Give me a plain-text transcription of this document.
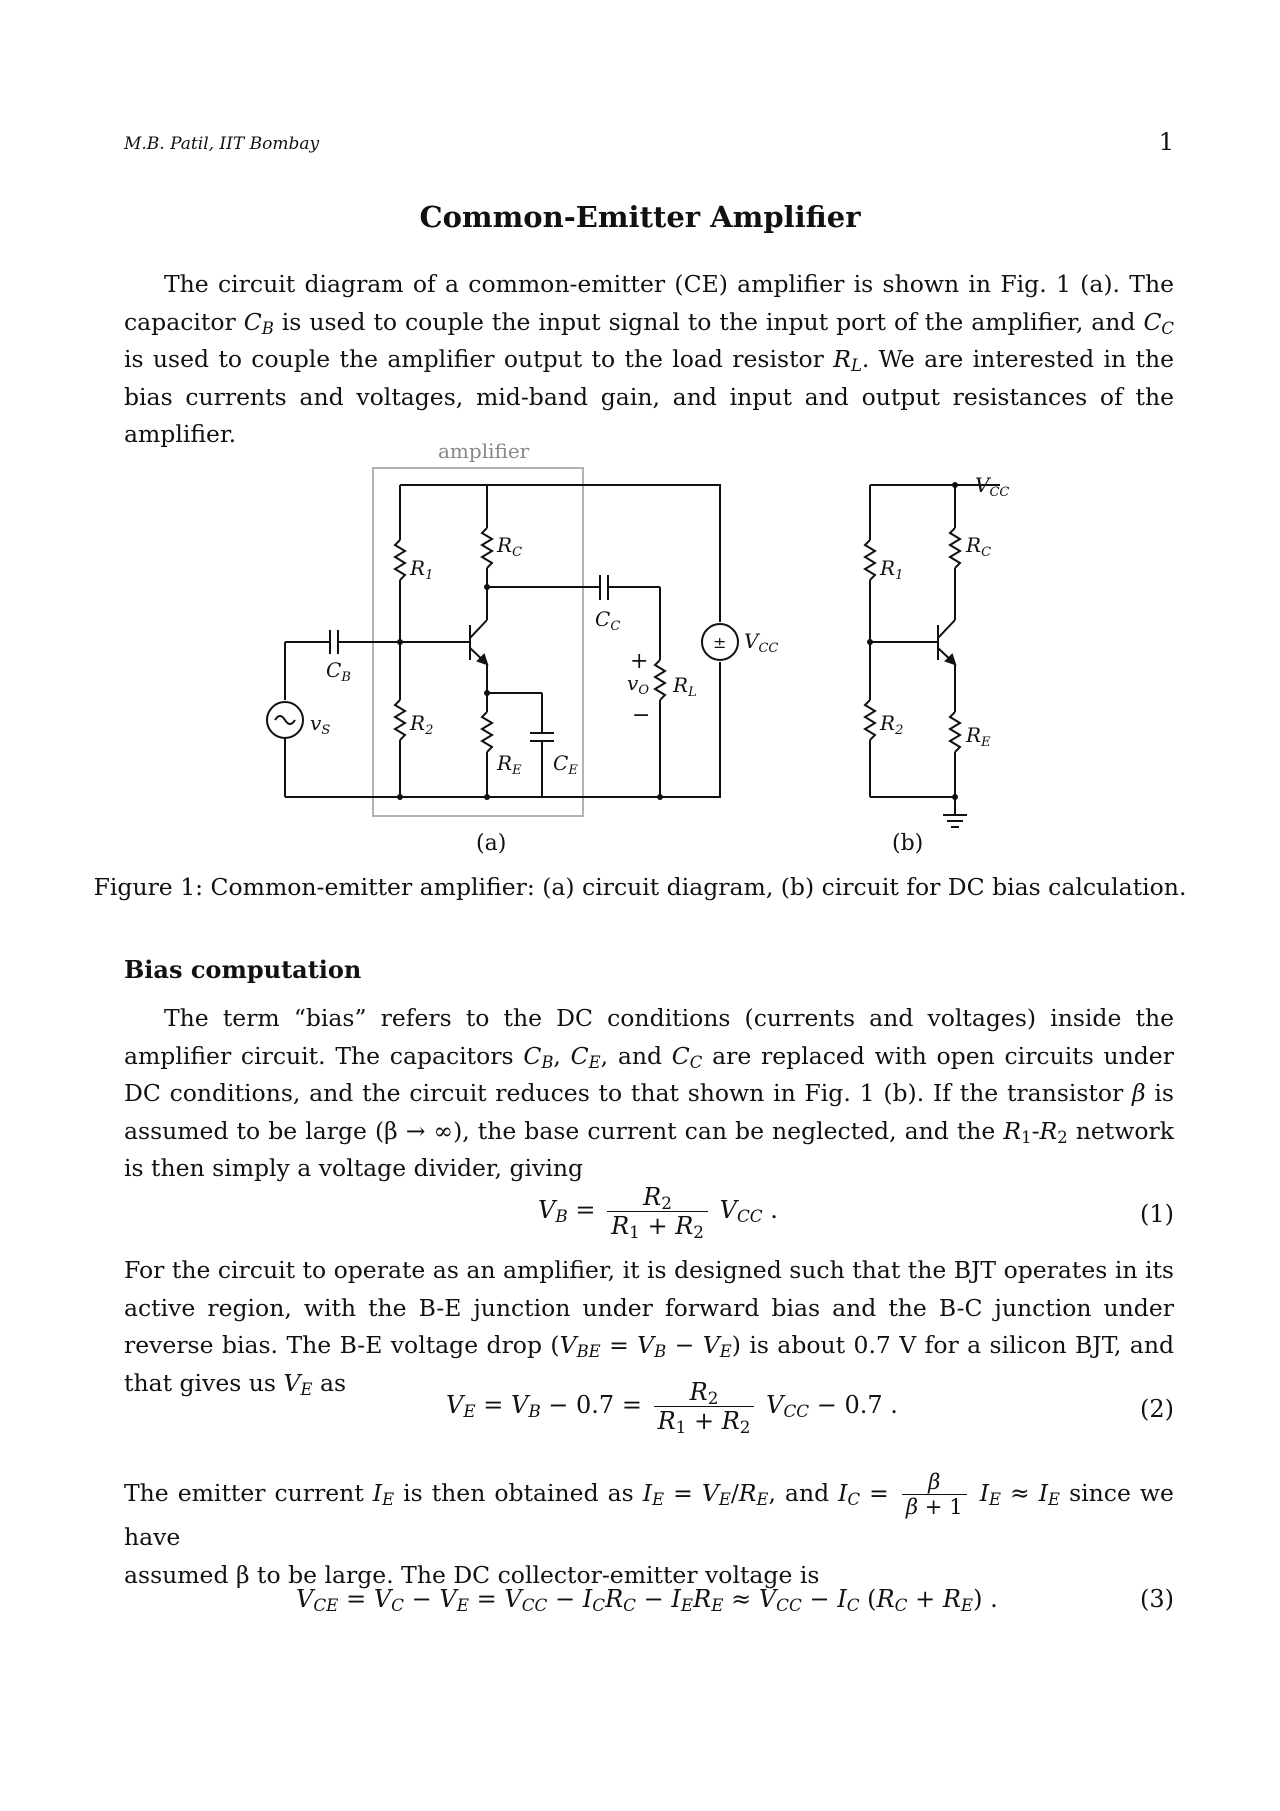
M.B. Patil, IIT Bombay	1
Common-Emitter Amplifier

The circuit diagram of a common-emitter (CE) amplifier is shown in Fig. 1 (a). The capacitor $C_B$ is used to couple the input signal to the input port of the amplifier, and $C_C$ is used to couple the amplifier output to the load resistor $R_L$. We are interested in the bias currents and voltages, mid-band gain, and input and output resistances of the amplifier.

amplifier
$R_1$
$R_2$
$R_C$
$R_E$ $C_E$
$C_C$
$C_B$
$v_S$
$R_L$
$v_O$
$V_{CC}$
$R_1$
$R_2$
$R_C$
$R_E$
$V_{CC}$
+
−
±
(a)	(b)
Figure 1: Common-emitter amplifier: (a) circuit diagram, (b) circuit for DC bias calculation.
Bias computation

The term “bias” refers to the DC conditions (currents and voltages) inside the amplifier circuit. The capacitors $C_B$, $C_E$, and $C_C$ are replaced with open circuits under DC conditions, and the circuit reduces to that shown in Fig. 1 (b). If the transistor β is assumed to be large (β → ∞), the base current can be neglected, and the $R_1-R_2$ network is then simply a voltage divider, giving

$V_B = \frac{R_2}{R_1 + R_2} V_{CC}$ .	(1)

For the circuit to operate as an amplifier, it is designed such that the BJT operates in its active region, with the B-E junction under forward bias and the B-C junction under reverse bias. The B-E voltage drop $(V_{BE} = V_B - V_E)$ is about 0.7 V for a silicon BJT, and that gives us $V_E$ as

$V_E = V_B - 0.7 = \frac{R_2}{R_1 + R_2} V_{CC} - 0.7$ .	(2)

The emitter current $I_E$ is then obtained as $I_E = V_E/R_E$, and $I_C = \frac{\beta}{\beta + 1} I_E \approx I_E$ since we have
assumed β to be large. The DC collector-emitter voltage is

$V_{CE} = V_C - V_E = V_{CC} - I_CR_C - I_ER_E \approx V_{CC} - I_C$ $(R_C + R_E)$ .	(3)
